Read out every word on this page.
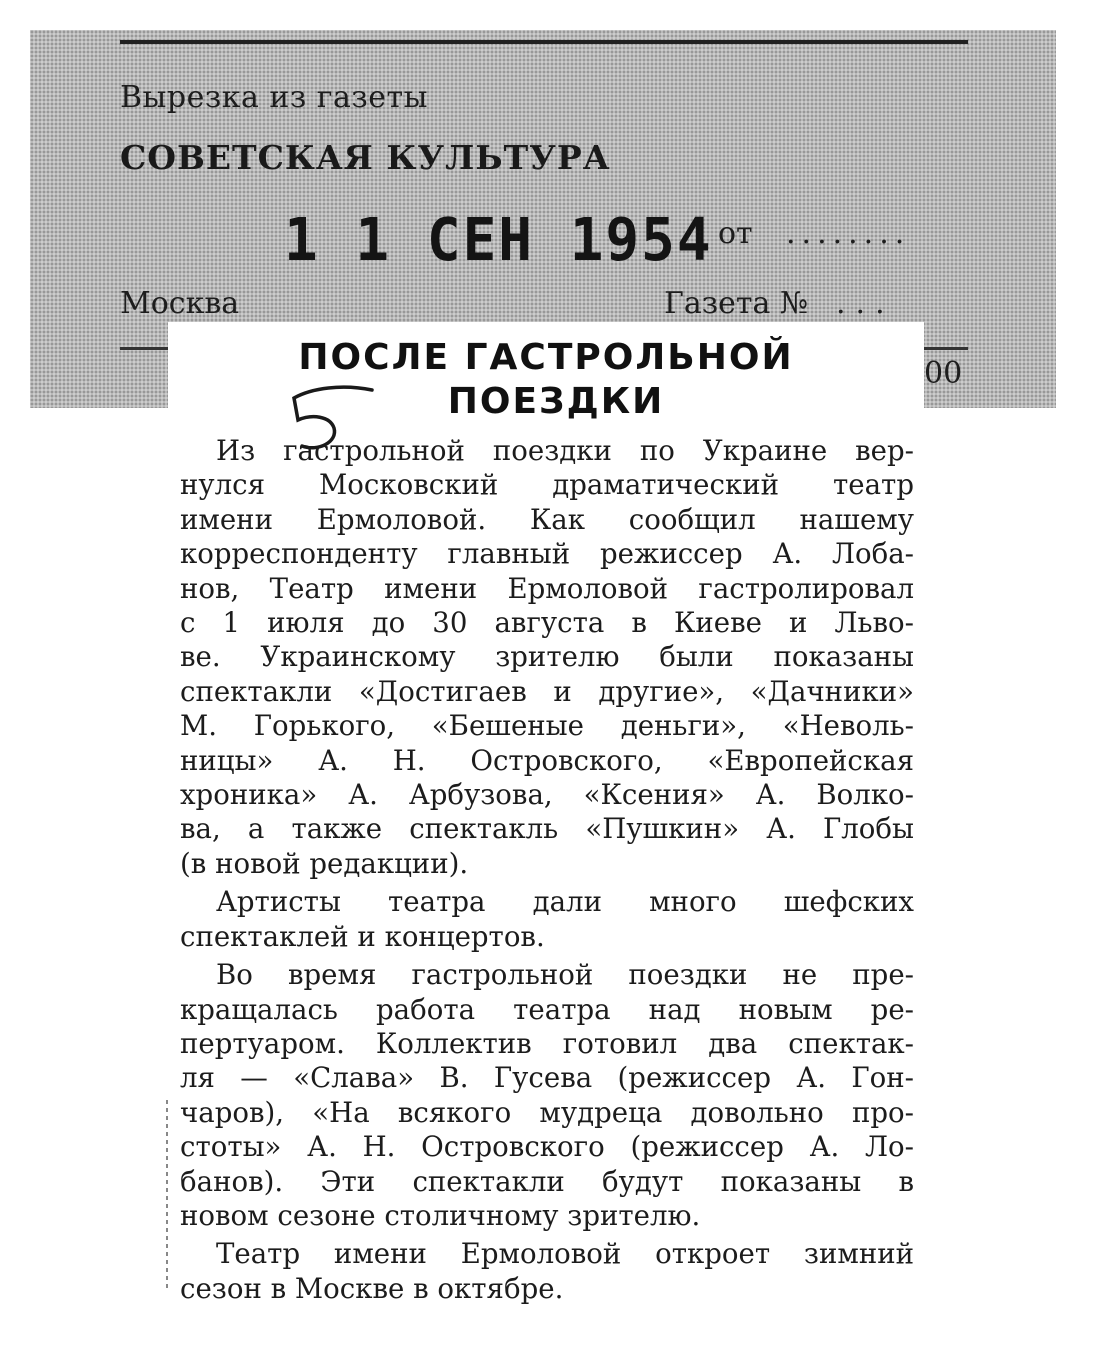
Вырезка из газеты
СОВЕТСКАЯ КУЛЬТУРА
1 1 СЕН 1954 от ........
Москва	Газета № ...
00
ПОСЛЕ ГАСТРОЛЬНОЙ
ПОЕЗДКИ
Из гастрольной поездки по Украине вер-
нулся Московский драматический театр
имени Ермоловой. Как сообщил нашему
корреспонденту главный режиссер А. Лоба-
нов, Театр имени Ермоловой гастролировал
с 1 июля до 30 августа в Киеве и Льво-
ве. Украинскому зрителю были показаны
спектакли «Достигаев и другие», «Дачники»
М. Горького, «Бешеные деньги», «Неволь-
ницы» А. Н. Островского, «Европейская
хроника» А. Арбузова, «Ксения» А. Волко-
ва, а также спектакль «Пушкин» А. Глобы
(в новой редакции).
Артисты театра дали много шефских
спектаклей и концертов.
Во время гастрольной поездки не пре-
кращалась работа театра над новым ре-
пертуаром. Коллектив готовил два спектак-
ля — «Слава» В. Гусева (режиссер А. Гон-
чаров), «На всякого мудреца довольно про-
стоты» А. Н. Островского (режиссер А. Ло-
банов). Эти спектакли будут показаны в
новом сезоне столичному зрителю.
Театр имени Ермоловой откроет зимний
сезон в Москве в октябре.
